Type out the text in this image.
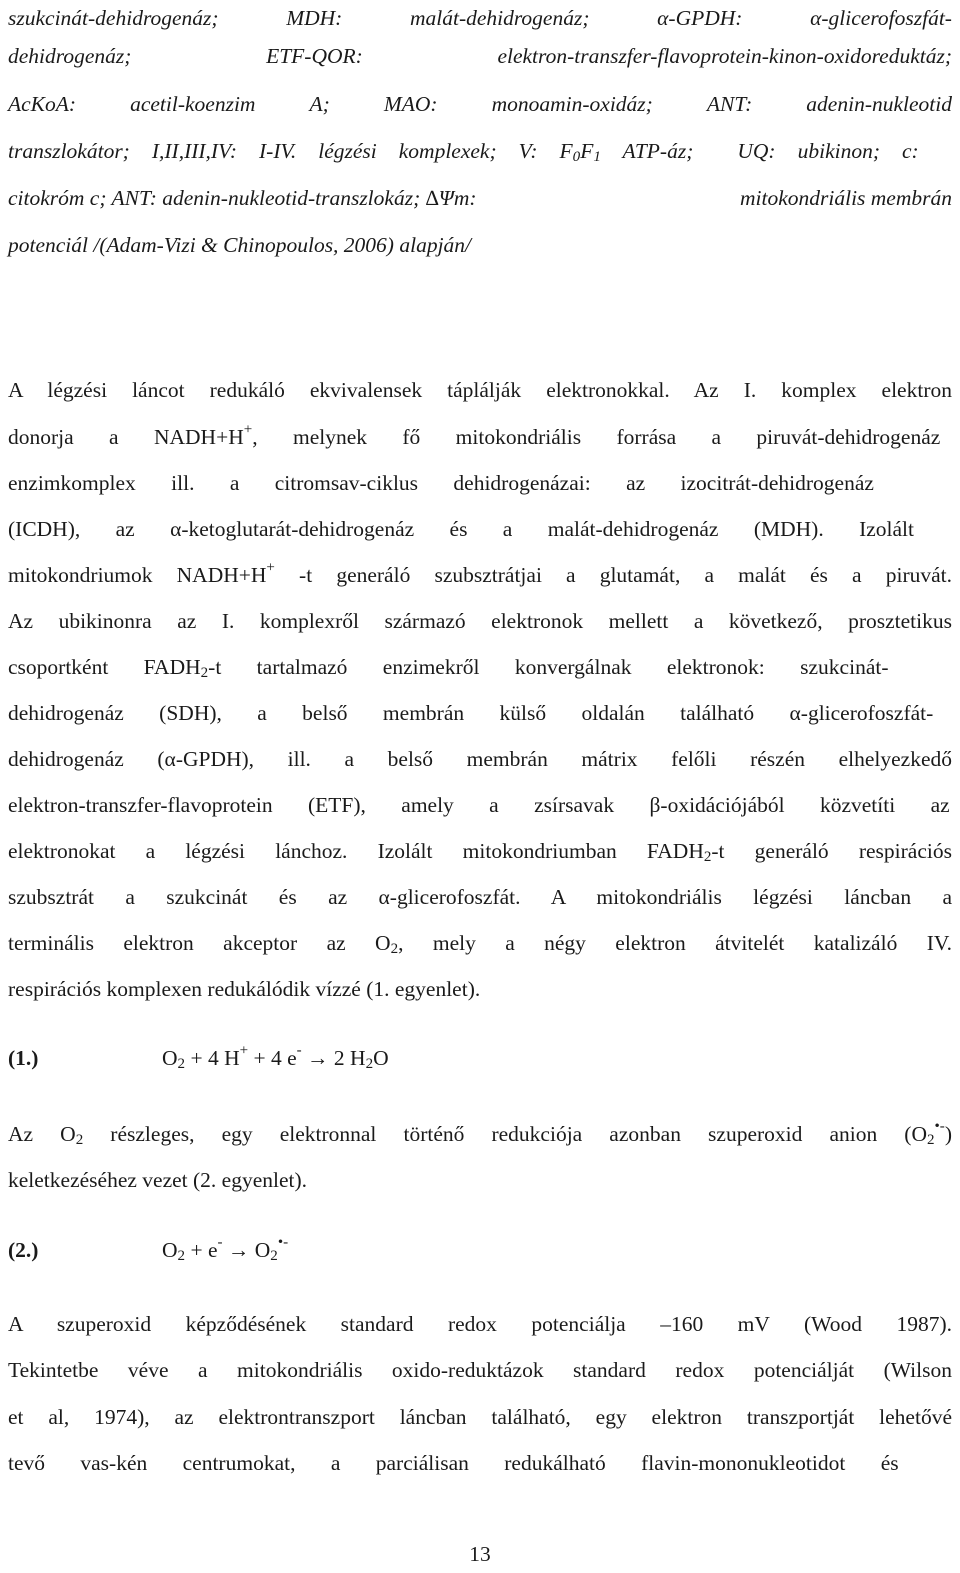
szukcinát-dehidrogenáz;	MDH:	malát-dehidrogenáz;	α-GPDH:	α-glicerofoszfát-
dehidrogenáz;	ETF-QOR:	elektron-transzfer-flavoprotein-kinon-oxidoreduktáz;
AcKoA:	acetil-koenzim	A;	MAO:	monoamin-oxidáz;	ANT:	adenin-nukleotid
transzlokátor; I,II,III,IV: I-IV. légzési komplexek; V: $F_0F_1$ ATP-áz;  UQ: ubikinon; c:
citokróm c; ANT: adenin-nukleotid-transzlokáz; ∆Ψm:	mitokondriális membrán
potenciál /(Adam-Vizi & Chinopoulos, 2006) alapján/
A légzési láncot redukáló ekvivalensek táplálják elektronokkal. Az I. komplex elektron
donorja a NADH+H+, melynek fő mitokondriális forrása a piruvát-dehidrogenáz
enzimkomplex ill. a citromsav-ciklus dehidrogenázai: az izocitrát-dehidrogenáz
(ICDH), az α-ketoglutarát-dehidrogenáz és a malát-dehidrogenáz (MDH). Izolált
mitokondriumok NADH+H+ -t generáló szubsztrátjai a glutamát, a malát és a piruvát.
Az ubikinonra az I. komplexről származó elektronok mellett a következő, prosztetikus
csoportként $FADH_2-t$ tartalmazó enzimekről konvergálnak elektronok: szukcinát-
dehidrogenáz (SDH), a belső membrán külső oldalán található α-glicerofoszfát-
dehidrogenáz (α-GPDH), ill. a belső membrán mátrix felőli részén elhelyezkedő
elektron-transzfer-flavoprotein (ETF), amely a zsírsavak β-oxidációjából közvetíti az
elektronokat a légzési lánchoz. Izolált mitokondriumban $FADH_2-t$ generáló respirációs
szubsztrát a szukcinát és az α-glicerofoszfát. A mitokondriális légzési láncban a
terminális elektron akceptor az $O_2$, mely a négy elektron átvitelét katalizáló IV.
respirációs komplexen redukálódik vízzé (1. egyenlet).
(1.)	$O_2 + 4$ H+ + 4 e- → 2 $H_2O$
Az $O_2$ részleges, egy elektronnal történő redukciója azonban szuperoxid anion $(O_2^{•-})$
keletkezéséhez vezet (2. egyenlet).
(2.)	$O_2 + e^- \to O_2^{•-}$
A szuperoxid képződésének standard redox potenciálja –160 mV (Wood 1987).
Tekintetbe véve a mitokondriális oxido-reduktázok standard redox potenciálját (Wilson
et al, 1974), az elektrontranszport láncban található, egy elektron transzportját lehetővé
tevő vas-kén centrumokat, a parciálisan redukálható flavin-mononukleotidot és
13
